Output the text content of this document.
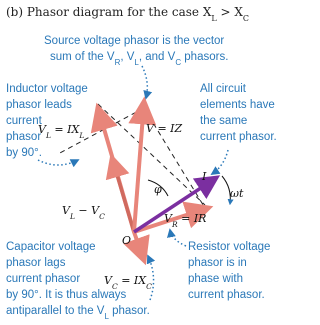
(b) Phasor diagram for the case $X_L > X_C$
Source voltage phasor is the vector
sum of the $V_R$, $V_L$, and $V_C$ phasors.
Inductor voltage
phasor leads
current
phasor
by 90°.
All circuit
elements have
the same
current phasor.
Capacitor voltage
phasor lags
current phasor
by 90°. It is thus always
antiparallel to the $V_L$ phasor.
Resistor voltage
phasor is in
phase with
current phasor.
$V_L = IX_L$	V = IZ
φ
I
ωt
$V_R$ = IR
$V_L - V_C$
O
$V_C = IX_C$
